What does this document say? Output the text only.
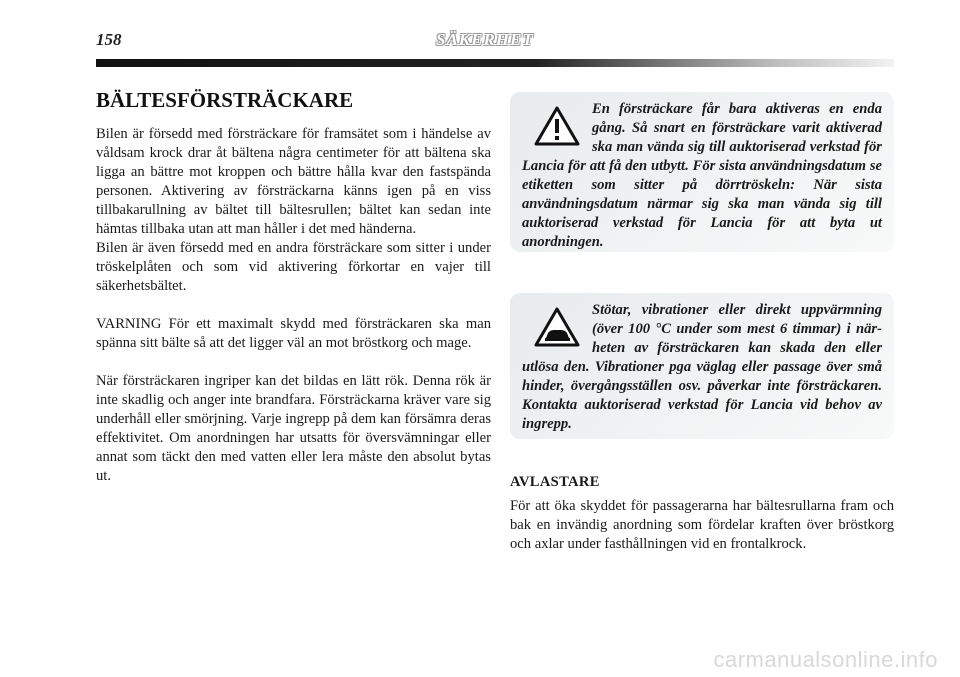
158	SÄKERHET
BÄLTESFÖRSTRÄCKARE

Bilen är försedd med försträckare för framsätet som i händelse av våldsam krock drar åt bältena några centimeter för att bältena ska ligga an bättre mot kroppen och bättre hålla kvar den fastspända personen. Aktivering av försträckarna känns igen på en viss tillbakarullning av bältet till bältesrullen; bältet kan sedan inte hämtas tillbaka utan att man håller i det med händerna.

Bilen är även försedd med en andra försträckare som sitter i under tröskelplåten och som vid aktivering förkortar en vajer till säkerhetsbältet.

VARNING För ett maximalt skydd med försträckaren ska man spänna sitt bälte så att det ligger väl an mot bröstkorg och mage.

När försträckaren ingriper kan det bildas en lätt rök. Denna rök är inte skadlig och anger inte brandfara. Försträckarna kräver vare sig underhåll eller smörjning. Varje ingrepp på dem kan försämra deras effektivitet. Om anordningen har utsatts för översvämningar eller annat som täckt den med vatten eller lera måste den absolut bytas ut.

En försträckare får bara aktiveras en enda gång. Så snart en försträckare varit aktiverad ska man vända sig till auktoriserad verkstad för Lancia för att få den utbytt. För sista användningsdatum se etiketten som sitter på dörrtröskeln: När sista användningsdatum närmar sig ska man vända sig till auktoriserad verkstad för Lancia för att byta ut anordningen.

Stötar, vibrationer eller direkt uppvärmning (över 100 °C under som mest 6 timmar) i närheten av försträckaren kan skada den eller utlösa den. Vibrationer pga väglag eller passage över små hinder, övergångsställen osv. påverkar inte försträckaren. Kontakta auktoriserad verkstad för Lancia vid behov av ingrepp.

AVLASTARE

För att öka skyddet för passagerarna har bältesrullarna fram och bak en invändig anordning som fördelar kraften över bröstkorg och axlar under fasthållningen vid en frontalkrock.

carmanualsonline.info
